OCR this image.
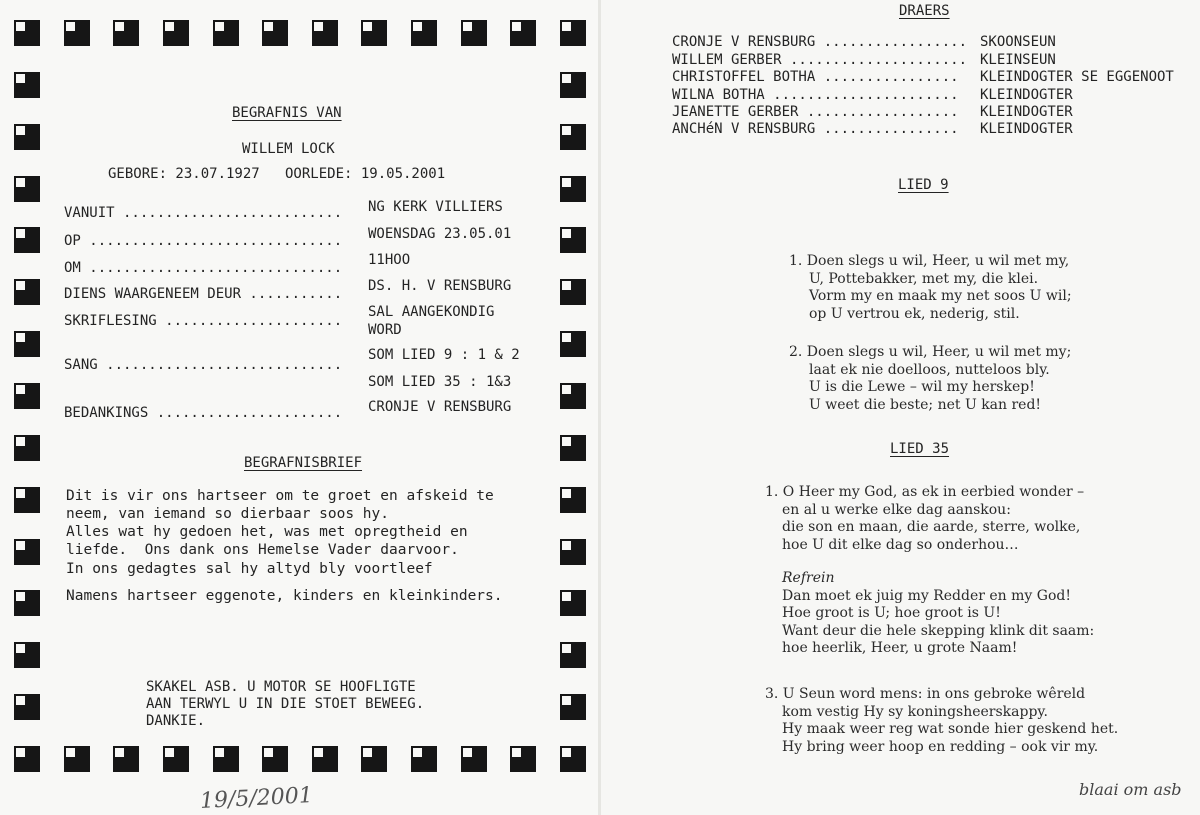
BEGRAFNIS VAN
WILLEM LOCK
GEBORE: 23.07.1927   OORLEDE: 19.05.2001
VANUIT .......................... NG KERK VILLIERS
OP .............................. WOENSDAG 23.05.01
OM .............................. 11HOO
DIENS WAARGENEEM DEUR ........... DS. H. V RENSBURG
SKRIFLESING .....................
SAL AANGEKONDIG
WORD
SANG ............................
SOM LIED 9 : 1 & 2
SOM LIED 35 : 1&3
BEDANKINGS ...................... CRONJE V RENSBURG
BEGRAFNISBRIEF
Dit is vir ons hartseer om te groet en afskeid te
neem, van iemand so dierbaar soos hy.
Alles wat hy gedoen het, was met opregtheid en
liefde.  Ons dank ons Hemelse Vader daarvoor.
In ons gedagtes sal hy altyd bly voortleef
Namens hartseer eggenote, kinders en kleinkinders.
SKAKEL ASB. U MOTOR SE HOOFLIGTE
AAN TERWYL U IN DIE STOET BEWEEG.
DANKIE.
19/5/2001
DRAERS
CRONJE V RENSBURG ................. SKOONSEUN
WILLEM GERBER ..................... KLEINSEUN
CHRISTOFFEL BOTHA ................ KLEINDOGTER SE EGGENOOT
WILNA BOTHA ...................... KLEINDOGTER
JEANETTE GERBER .................. KLEINDOGTER
ANCHéN V RENSBURG ................ KLEINDOGTER
LIED 9
1. Doen slegs u wil, Heer, u wil met my,
U, Pottebakker, met my, die klei.
Vorm my en maak my net soos U wil;
op U vertrou ek, nederig, stil.
2. Doen slegs u wil, Heer, u wil met my;
laat ek nie doelloos, nutteloos bly.
U is die Lewe – wil my herskep!
U weet die beste; net U kan red!
LIED 35
1. O Heer my God, as ek in eerbied wonder –
en al u werke elke dag aanskou:
die son en maan, die aarde, sterre, wolke,
hoe U dit elke dag so onderhou…
Refrein
Dan moet ek juig my Redder en my God!
Hoe groot is U; hoe groot is U!
Want deur die hele skepping klink dit saam:
hoe heerlik, Heer, u grote Naam!
3. U Seun word mens: in ons gebroke wêreld
kom vestig Hy sy koningsheerskappy.
Hy maak weer reg wat sonde hier geskend het.
Hy bring weer hoop en redding – ook vir my.
blaai om asb
